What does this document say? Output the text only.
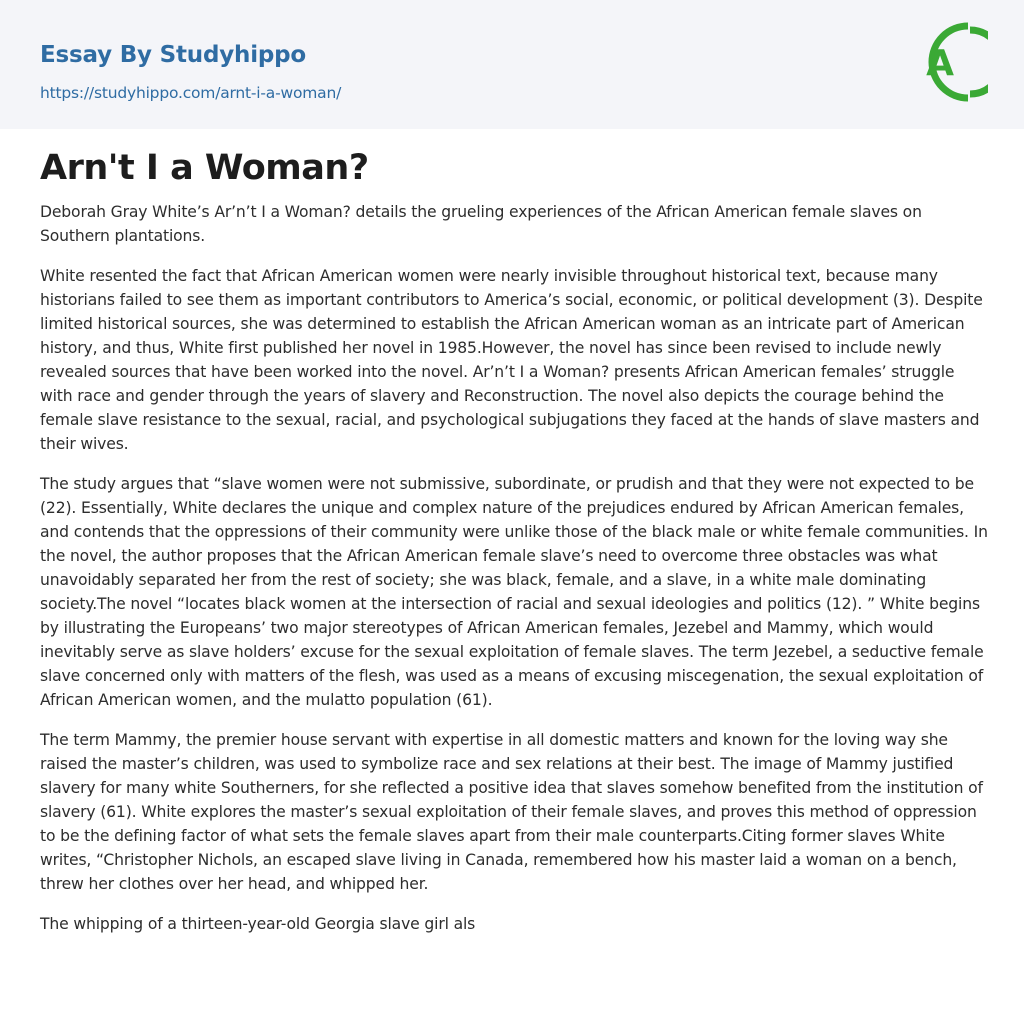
Essay By Studyhippo
https://studyhippo.com/arnt-i-a-woman/
A
Arn't I a Woman?

Deborah Gray White’s Ar’n’t I a Woman? details the grueling experiences of the African American female slaves on Southern plantations.

White resented the fact that African American women were nearly invisible throughout historical text, because many historians failed to see them as important contributors to America’s social, economic, or political development (3). Despite limited historical sources, she was determined to establish the African American woman as an intricate part of American history, and thus, White first published her novel in 1985.However, the novel has since been revised to include newly revealed sources that have been worked into the novel. Ar’n’t I a Woman? presents African American females’ struggle with race and gender through the years of slavery and Reconstruction. The novel also depicts the courage behind the female slave resistance to the sexual, racial, and psychological subjugations they faced at the hands of slave masters and their wives.

The study argues that “slave women were not submissive, subordinate, or prudish and that they were not expected to be (22). Essentially, White declares the unique and complex nature of the prejudices endured by African American females, and contends that the oppressions of their community were unlike those of the black male or white female communities. In the novel, the author proposes that the African American female slave’s need to overcome three obstacles was what unavoidably separated her from the rest of society; she was black, female, and a slave, in a white male dominating society.The novel “locates black women at the intersection of racial and sexual ideologies and politics (12). ” White begins by illustrating the Europeans’ two major stereotypes of African American females, Jezebel and Mammy, which would inevitably serve as slave holders’ excuse for the sexual exploitation of female slaves. The term Jezebel, a seductive female slave concerned only with matters of the flesh, was used as a means of excusing miscegenation, the sexual exploitation of African American women, and the mulatto population (61).

The term Mammy, the premier house servant with expertise in all domestic matters and known for the loving way she raised the master’s children, was used to symbolize race and sex relations at their best. The image of Mammy justified slavery for many white Southerners, for she reflected a positive idea that slaves somehow benefited from the institution of slavery (61). White explores the master’s sexual exploitation of their female slaves, and proves this method of oppression to be the defining factor of what sets the female slaves apart from their male counterparts.Citing former slaves White writes, “Christopher Nichols, an escaped slave living in Canada, remembered how his master laid a woman on a bench, threw her clothes over her head, and whipped her.

The whipping of a thirteen-year-old Georgia slave girl als
